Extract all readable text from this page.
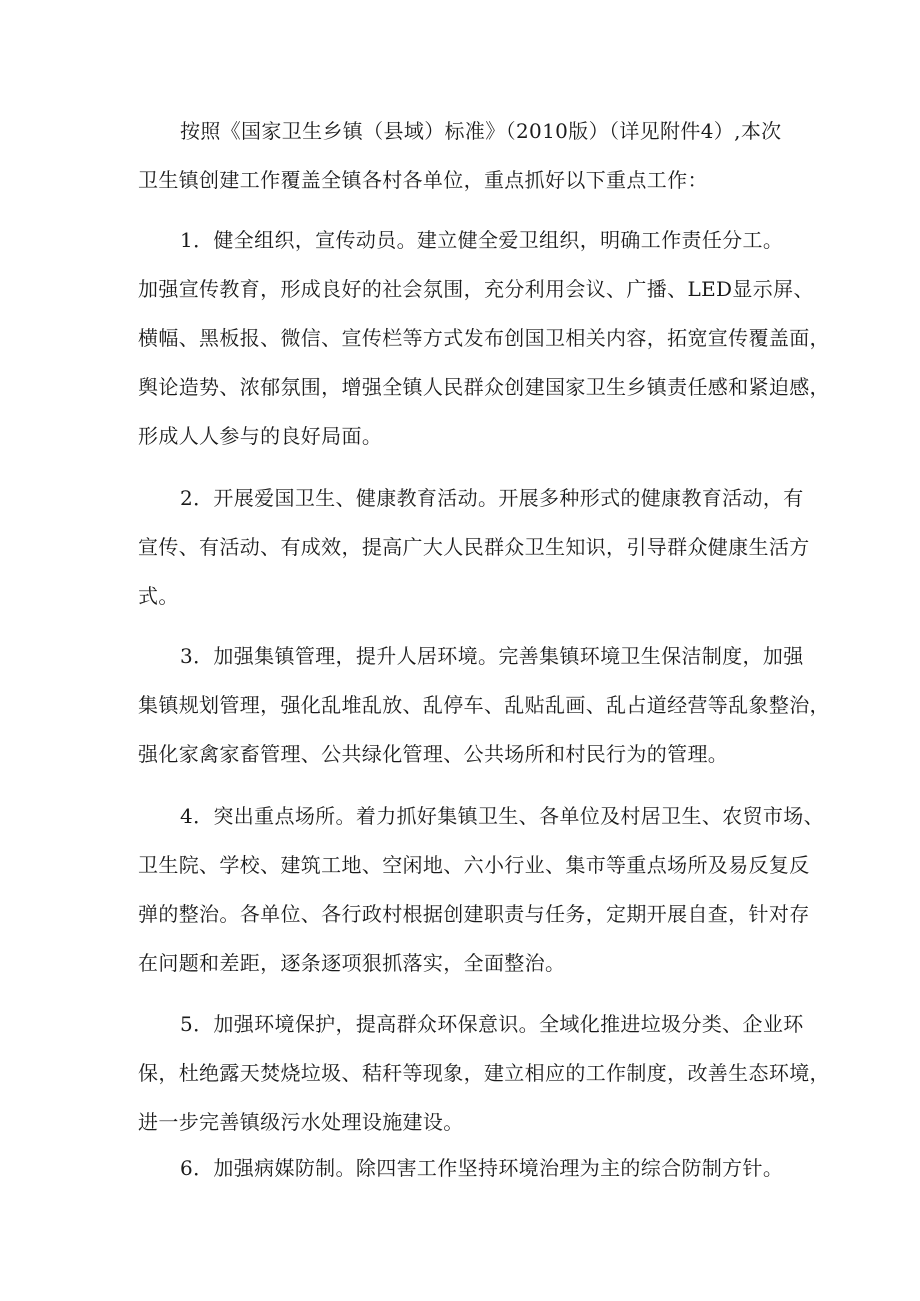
按照《国家卫生乡镇（县域）标准》（2010版）（详见附件4）,本次
卫生镇创建工作覆盖全镇各村各单位，重点抓好以下重点工作：
1．健全组织，宣传动员。建立健全爱卫组织，明确工作责任分工。
加强宣传教育，形成良好的社会氛围，充分利用会议、广播、LED显示屏、
横幅、黑板报、微信、宣传栏等方式发布创国卫相关内容，拓宽宣传覆盖面，
舆论造势、浓郁氛围，增强全镇人民群众创建国家卫生乡镇责任感和紧迫感，
形成人人参与的良好局面。
2．开展爱国卫生、健康教育活动。开展多种形式的健康教育活动，有
宣传、有活动、有成效，提高广大人民群众卫生知识，引导群众健康生活方
式。
3．加强集镇管理，提升人居环境。完善集镇环境卫生保洁制度，加强
集镇规划管理，强化乱堆乱放、乱停车、乱贴乱画、乱占道经营等乱象整治，
强化家禽家畜管理、公共绿化管理、公共场所和村民行为的管理。
4．突出重点场所。着力抓好集镇卫生、各单位及村居卫生、农贸市场、
卫生院、学校、建筑工地、空闲地、六小行业、集市等重点场所及易反复反
弹的整治。各单位、各行政村根据创建职责与任务，定期开展自查，针对存
在问题和差距，逐条逐项狠抓落实，全面整治。
5．加强环境保护，提高群众环保意识。全域化推进垃圾分类、企业环
保，杜绝露天焚烧垃圾、秸秆等现象，建立相应的工作制度，改善生态环境，
进一步完善镇级污水处理设施建设。
6．加强病媒防制。除四害工作坚持环境治理为主的综合防制方针。
